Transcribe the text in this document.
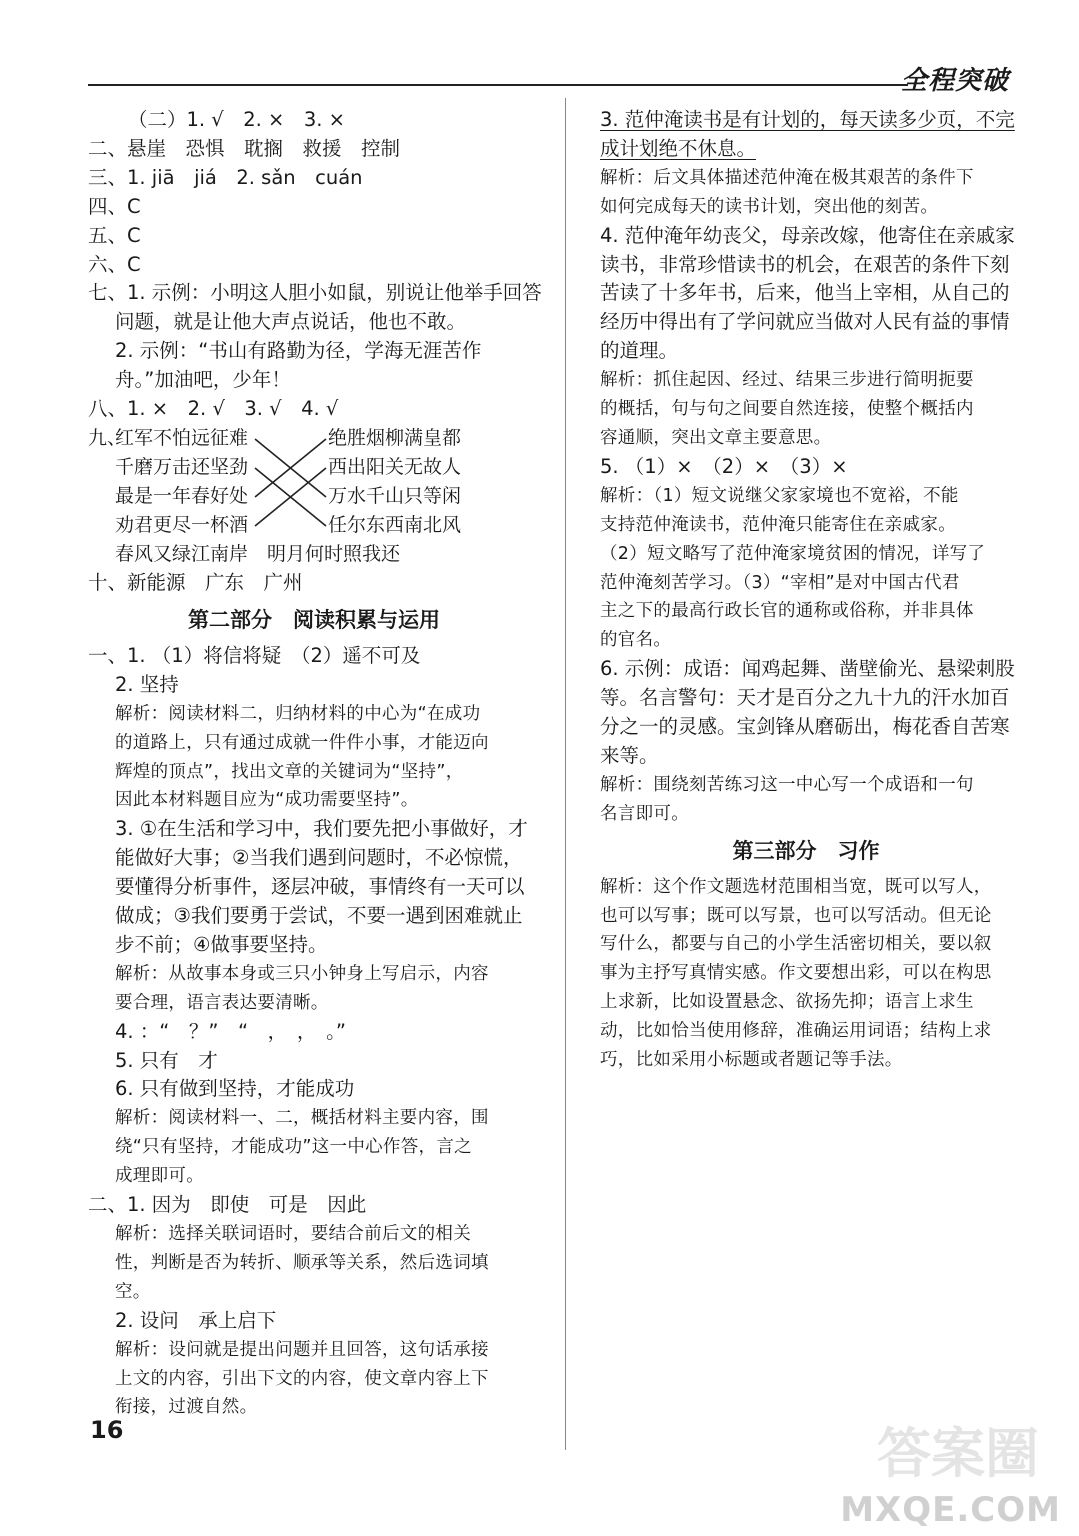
全程突破
（二）1. √　2. ×　3. ×
二、悬崖　恐惧　耽搁　救援　控制
三、1. jiā　jiá　2. sǎn　cuán
四、C
五、C
六、C
七、1. 示例：小明这人胆小如鼠，别说让他举手回答
问题，就是让他大声点说话，他也不敢。
2. 示例：“书山有路勤为径，学海无涯苦作
舟。”加油吧，少年！
八、1. ×　2. √　3. √　4. √
九、
红军不怕远征难
千磨万击还坚劲
最是一年春好处
劝君更尽一杯酒
绝胜烟柳满皇都
西出阳关无故人
万水千山只等闲
任尔东西南北风
春风又绿江南岸　明月何时照我还
十、新能源　广东　广州
第二部分　阅读积累与运用
一、1. （1）将信将疑　（2）遥不可及
2. 坚持
解析：阅读材料二，归纳材料的中心为“在成功
的道路上，只有通过成就一件件小事，才能迈向
辉煌的顶点”，找出文章的关键词为“坚持”，
因此本材料题目应为“成功需要坚持”。
3. ①在生活和学习中，我们要先把小事做好，才
能做好大事；②当我们遇到问题时，不必惊慌，
要懂得分析事件，逐层冲破，事情终有一天可以
做成；③我们要勇于尝试，不要一遇到困难就止
步不前；④做事要坚持。
解析：从故事本身或三只小钟身上写启示，内容
要合理，语言表达要清晰。
4. ：“　？”　“　，　，　。”
5. 只有　才
6. 只有做到坚持，才能成功
解析：阅读材料一、二，概括材料主要内容，围
绕“只有坚持，才能成功”这一中心作答，言之
成理即可。
二、1. 因为　即使　可是　因此
解析：选择关联词语时，要结合前后文的相关
性，判断是否为转折、顺承等关系，然后选词填
空。
2. 设问　承上启下
解析：设问就是提出问题并且回答，这句话承接
上文的内容，引出下文的内容，使文章内容上下
衔接，过渡自然。
3. 范仲淹读书是有计划的，每天读多少页，不完
成计划绝不休息。
解析：后文具体描述范仲淹在极其艰苦的条件下
如何完成每天的读书计划，突出他的刻苦。
4. 范仲淹年幼丧父，母亲改嫁，他寄住在亲戚家
读书，非常珍惜读书的机会，在艰苦的条件下刻
苦读了十多年书，后来，他当上宰相，从自己的
经历中得出有了学问就应当做对人民有益的事情
的道理。
解析：抓住起因、经过、结果三步进行简明扼要
的概括，句与句之间要自然连接，使整个概括内
容通顺，突出文章主要意思。
5. （1）×　（2）×　（3）×
解析：（1）短文说继父家家境也不宽裕，不能
支持范仲淹读书，范仲淹只能寄住在亲戚家。
（2）短文略写了范仲淹家境贫困的情况，详写了
范仲淹刻苦学习。（3）“宰相”是对中国古代君
主之下的最高行政长官的通称或俗称，并非具体
的官名。
6. 示例：成语：闻鸡起舞、凿壁偷光、悬梁刺股
等。名言警句：天才是百分之九十九的汗水加百
分之一的灵感。宝剑锋从磨砺出，梅花香自苦寒
来等。
解析：围绕刻苦练习这一中心写一个成语和一句
名言即可。
第三部分　习作
解析：这个作文题选材范围相当宽，既可以写人，
也可以写事；既可以写景，也可以写活动。但无论
写什么，都要与自己的小学生活密切相关，要以叙
事为主抒写真情实感。作文要想出彩，可以在构思
上求新，比如设置悬念、欲扬先抑；语言上求生
动，比如恰当使用修辞，准确运用词语；结构上求
巧，比如采用小标题或者题记等手法。
16	答案圈
MXQE.COM
